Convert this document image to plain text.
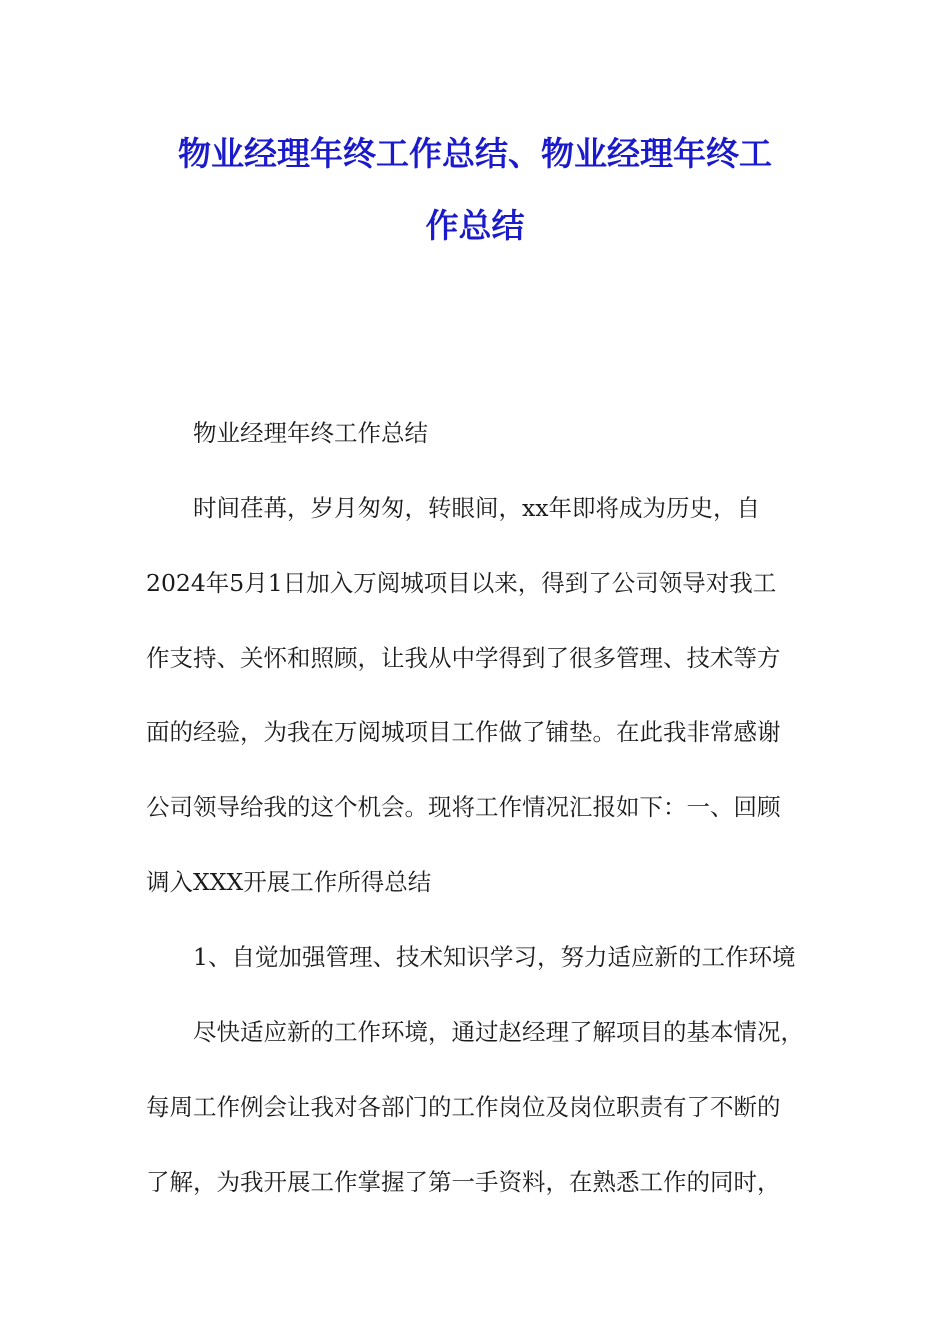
物业经理年终工作总结、物业经理年终工
作总结

物业经理年终工作总结

时间荏苒，岁月匆匆，转眼间，xx年即将成为历史，自

2024年5月1日加入万阅城项目以来，得到了公司领导对我工

作支持、关怀和照顾，让我从中学得到了很多管理、技术等方

面的经验，为我在万阅城项目工作做了铺垫。在此我非常感谢

公司领导给我的这个机会。现将工作情况汇报如下：一、回顾

调入XXX开展工作所得总结

1、自觉加强管理、技术知识学习，努力适应新的工作环境

尽快适应新的工作环境，通过赵经理了解项目的基本情况，

每周工作例会让我对各部门的工作岗位及岗位职责有了不断的

了解，为我开展工作掌握了第一手资料，在熟悉工作的同时，
